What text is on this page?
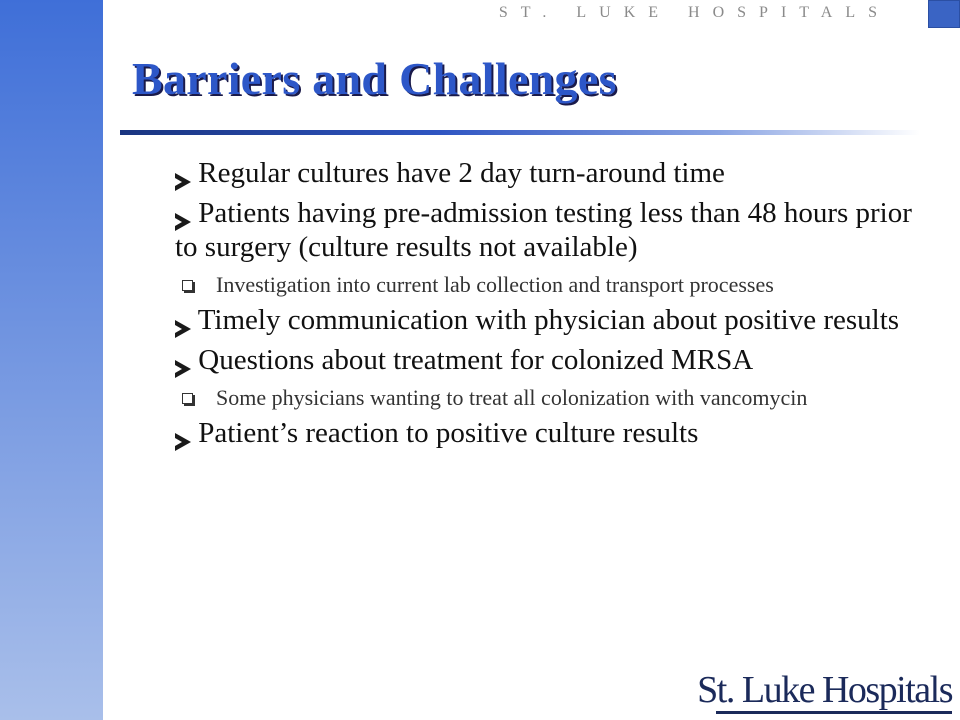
ST. LUKE HOSPITALS
Barriers and Challenges
Regular cultures have 2 day turn-around time
Patients having pre-admission testing less than 48 hours prior to surgery (culture results not available)
Investigation into current lab collection and transport processes
Timely communication with physician about positive results
Questions about treatment for colonized MRSA
Some physicians wanting to treat all colonization with vancomycin
Patient’s reaction to positive culture results
St. Luke Hospitals
